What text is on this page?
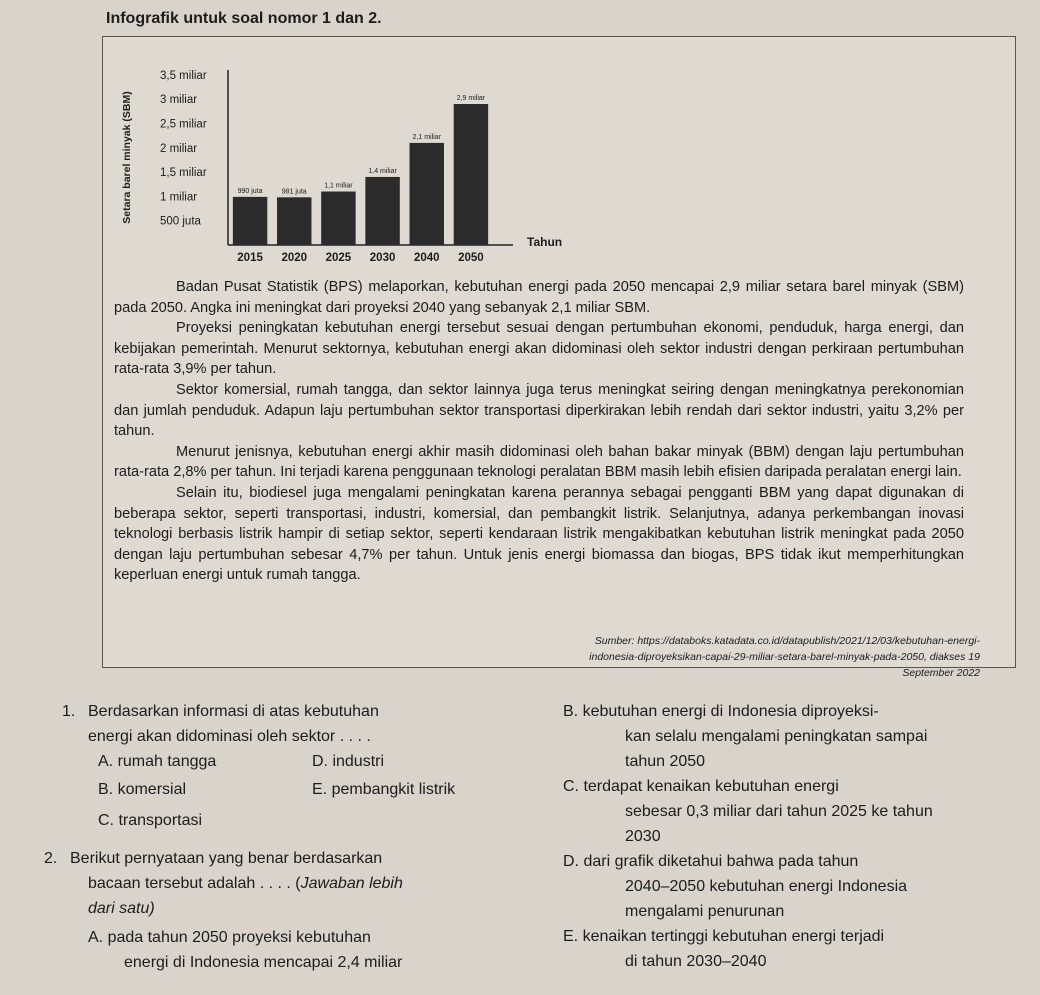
Infografik untuk soal nomor 1 dan 2.
Setara barel minyak (SBM)
3,5 miliar
3 miliar
2,5 miliar
2 miliar
1,5 miliar
1 miliar
500 juta
990 juta
2015
981 juta
2020
1,1 miliar
2025
1,4 miliar
2030
2,1 miliar
2040
2,9 miliar
2050
Tahun

Badan Pusat Statistik (BPS) melaporkan, kebutuhan energi pada 2050 mencapai 2,9 miliar setara barel minyak (SBM) pada 2050. Angka ini meningkat dari proyeksi 2040 yang sebanyak 2,1 miliar SBM.

Proyeksi peningkatan kebutuhan energi tersebut sesuai dengan pertumbuhan ekonomi, penduduk, harga energi, dan kebijakan pemerintah. Menurut sektornya, kebutuhan energi akan didominasi oleh sektor industri dengan perkiraan pertumbuhan rata-rata 3,9% per tahun.

Sektor komersial, rumah tangga, dan sektor lainnya juga terus meningkat seiring dengan meningkatnya perekonomian dan jumlah penduduk. Adapun laju pertumbuhan sektor transportasi diperkirakan lebih rendah dari sektor industri, yaitu 3,2% per tahun.

Menurut jenisnya, kebutuhan energi akhir masih didominasi oleh bahan bakar minyak (BBM) dengan laju pertumbuhan rata-rata 2,8% per tahun. Ini terjadi karena penggunaan teknologi peralatan BBM masih lebih efisien daripada peralatan energi lain.

Selain itu, biodiesel juga mengalami peningkatan karena perannya sebagai pengganti BBM yang dapat digunakan di beberapa sektor, seperti transportasi, industri, komersial, dan pembangkit listrik. Selanjutnya, adanya perkembangan inovasi teknologi berbasis listrik hampir di setiap sektor, seperti kendaraan listrik mengakibatkan kebutuhan listrik meningkat pada 2050 dengan laju pertumbuhan sebesar 4,7% per tahun. Untuk jenis energi biomassa dan biogas, BPS tidak ikut memperhitungkan keperluan energi untuk rumah tangga.

Sumber: https://databoks.katadata.co.id/datapublish/2021/12/03/kebutuhan-energi-indonesia-diproyeksikan-capai-29-miliar-setara-barel-minyak-pada-2050, diakses 19 September 2022
1. Berdasarkan informasi di atas kebutuhan
energi akan didominasi oleh sektor . . . .
A. rumah tangga	D. industri
B. komersial	E. pembangkit listrik
C. transportasi
2. Berikut pernyataan yang benar berdasarkan
bacaan tersebut adalah . . . . (Jawaban lebih
dari satu)
A. pada tahun 2050 proyeksi kebutuhan
energi di Indonesia mencapai 2,4 miliar
B. kebutuhan energi di Indonesia diproyeksi-
kan selalu mengalami peningkatan sampai
tahun 2050
C. terdapat kenaikan kebutuhan energi
sebesar 0,3 miliar dari tahun 2025 ke tahun
2030
D. dari grafik diketahui bahwa pada tahun
2040–2050 kebutuhan energi Indonesia
mengalami penurunan
E. kenaikan tertinggi kebutuhan energi terjadi
di tahun 2030–2040
